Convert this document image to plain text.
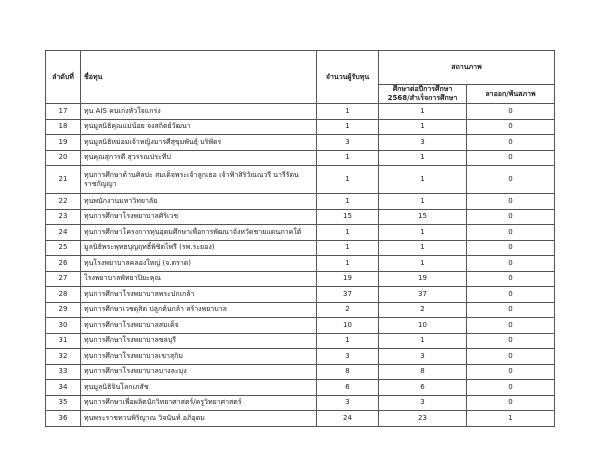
ลำดับที่	ชื่อทุน	จำนวนผู้รับทุน	สถานภาพ	
			ศึกษาต่อปีการศึกษา 2568/สำเร็จการศึกษา	ลาออก/พ้นสภาพ
17	ทุน AIS คนเก่งหัวใจแกร่ง	1	1	0
18	ทุนมูลนิธิคุณแม่น้อย จงสถิตย์วัฒนา	1	1	0
19	ทุนมูลนิธิหม่อมเจ้าหญิงมารศีสุขุมพันธุ์ บริพัตร	3	3	0
20	ทุนคุณสุการดี สุวรรณประทีป	1	1	0
21	ทุนการศึกษาด้านศิลปะ สมเด็จพระเจ้าลูกเธอ เจ้าฟ้าสิริวัณณวรี นารีรัตน ราชกัญญา	1	1	0
22	ทุนพนักงานมหาวิทยาลัย	1	1	0
23	ทุนการศึกษาโรงพยาบาลศิริเวช	15	15	0
24	ทุนการศึกษาโครงการทุนอุดมศึกษาเพื่อการพัฒนาจังหวัดชายแดนภาคใต้	1	1	0
25	มูลนิธิพระพุทธบุญฤทธิ์พิชิตไพรี (รพ.ระยอง)	1	1	0
26	ทุนโรงพยาบาลคลองใหญ่ (จ.ตราด)	1	1	0
27	โรงพยาบาลพัทยาปิยะคุณ	19	19	0
28	ทุนการศึกษาโรงพยาบาลพระปกเกล้า	37	37	0
29	ทุนการศึกษาเวชดุสิต ปลูกต้นกล้า สร้างพยาบาล	2	2	0
30	ทุนการศึกษาโรงพยาบาลสมเด็จ	10	10	0
31	ทุนการศึกษาโรงพยาบาลชลบุรี	1	1	0
32	ทุนการศึกษาโรงพยาบาลเขาสุกิม	3	3	0
33	ทุนการศึกษาโรงพยาบาลบางละมุง	8	8	0
34	ทุนมูลนิธิจินโลกเภสัช	6	6	0
35	ทุนการศึกษาเพื่อผลิตนักวิทยาศาสตร์/ครูวิทยาศาสตร์	3	3	0
36	ทุนพระราชทานพิริญาณ วิจนันท์ อภิอุดม	24	23	1
